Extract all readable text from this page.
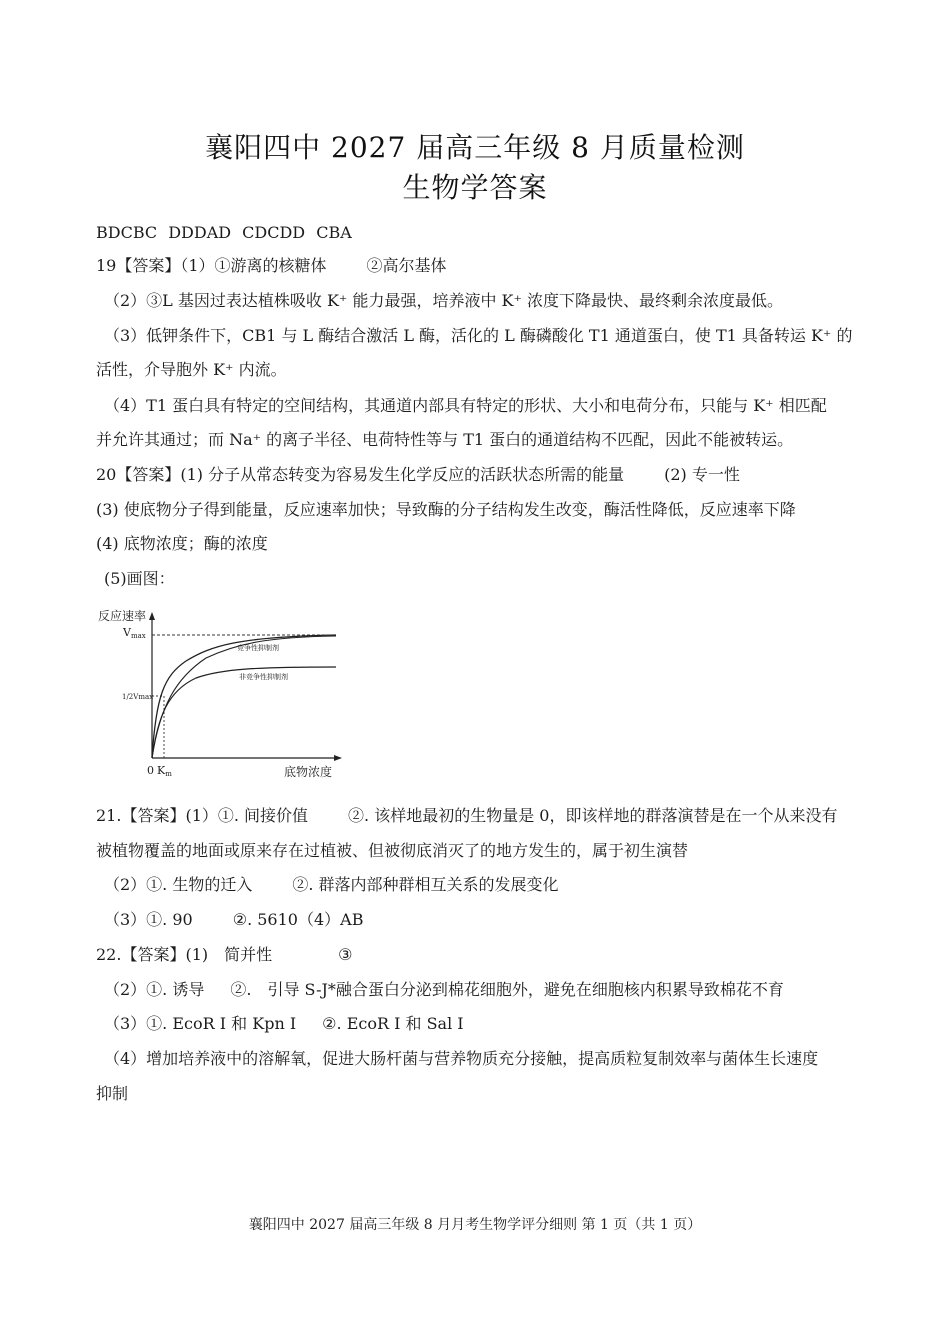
襄阳四中 2027 届高三年级 8 月质量检测
生物学答案
BDCBC DDDAD CDCDD CBA
19【答案】（1）①游离的核糖体	②高尔基体
（2）③L 基因过表达植株吸收 K⁺ 能力最强，培养液中 K⁺ 浓度下降最快、最终剩余浓度最低。
（3）低钾条件下，CB1 与 L 酶结合激活 L 酶，活化的 L 酶磷酸化 T1 通道蛋白，使 T1 具备转运 K⁺ 的
活性，介导胞外 K⁺ 内流。
（4）T1 蛋白具有特定的空间结构，其通道内部具有特定的形状、大小和电荷分布，只能与 K⁺ 相匹配
并允许其通过；而 Na⁺ 的离子半径、电荷特性等与 T1 蛋白的通道结构不匹配，因此不能被转运。
20【答案】(1) 分子从常态转变为容易发生化学反应的活跃状态所需的能量	(2) 专一性
(3) 使底物分子得到能量，反应速率加快；导致酶的分子结构发生改变，酶活性降低，反应速率下降
(4) 底物浓度；酶的浓度
(5)画图：
反应速率
Vmax
1/2Vmax
0 Km	底物浓度
竞争性抑制剂
非竞争性抑制剂
21.【答案】(1）①. 间接价值	②. 该样地最初的生物量是 0，即该样地的群落演替是在一个从来没有
被植物覆盖的地面或原来存在过植被、但被彻底消灭了的地方发生的，属于初生演替
（2）①. 生物的迁入	②. 群落内部种群相互关系的发展变化
（3）①. 90	②. 5610（4）AB
22.【答案】(1)　简并性	③
（2）①. 诱导 ②.　引导 S-J*融合蛋白分泌到棉花细胞外，避免在细胞核内积累导致棉花不育
（3）①. EcoR I 和 Kpn I ②. EcoR I 和 Sal I
（4）增加培养液中的溶解氧，促进大肠杆菌与营养物质充分接触，提高质粒复制效率与菌体生长速度
抑制
襄阳四中 2027 届高三年级 8 月月考生物学评分细则 第 1 页（共 1 页）
